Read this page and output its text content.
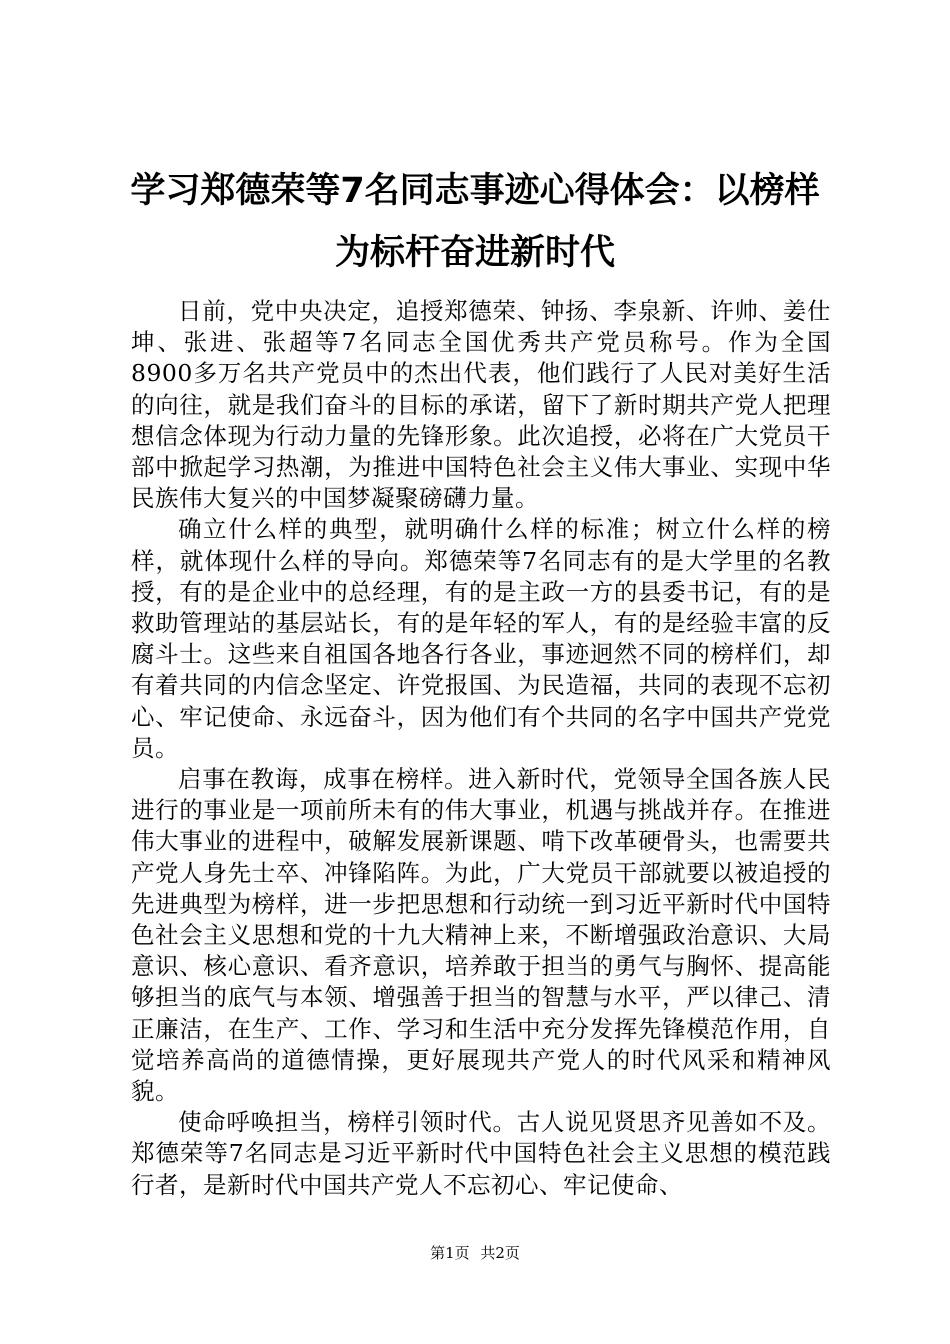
学习郑德荣等7名同志事迹心得体会：以榜样为标杆奋进新时代

日前，党中央决定，追授郑德荣、钟扬、李泉新、许帅、姜仕坤、张进、张超等7名同志全国优秀共产党员称号。作为全国8900多万名共产党员中的杰出代表，他们践行了人民对美好生活的向往，就是我们奋斗的目标的承诺，留下了新时期共产党人把理想信念体现为行动力量的先锋形象。此次追授，必将在广大党员干部中掀起学习热潮，为推进中国特色社会主义伟大事业、实现中华民族伟大复兴的中国梦凝聚磅礴力量。

确立什么样的典型，就明确什么样的标准；树立什么样的榜样，就体现什么样的导向。郑德荣等7名同志有的是大学里的名教授，有的是企业中的总经理，有的是主政一方的县委书记，有的是救助管理站的基层站长，有的是年轻的军人，有的是经验丰富的反腐斗士。这些来自祖国各地各行各业，事迹迥然不同的榜样们，却有着共同的内信念坚定、许党报国、为民造福，共同的表现不忘初心、牢记使命、永远奋斗，因为他们有个共同的名字中国共产党党员。

启事在教诲，成事在榜样。进入新时代，党领导全国各族人民进行的事业是一项前所未有的伟大事业，机遇与挑战并存。在推进伟大事业的进程中，破解发展新课题、啃下改革硬骨头，也需要共产党人身先士卒、冲锋陷阵。为此，广大党员干部就要以被追授的先进典型为榜样，进一步把思想和行动统一到习近平新时代中国特色社会主义思想和党的十九大精神上来，不断增强政治意识、大局意识、核心意识、看齐意识，培养敢于担当的勇气与胸怀、提高能够担当的底气与本领、增强善于担当的智慧与水平，严以律己、清正廉洁，在生产、工作、学习和生活中充分发挥先锋模范作用，自觉培养高尚的道德情操，更好展现共产党人的时代风采和精神风貌。

使命呼唤担当，榜样引领时代。古人说见贤思齐见善如不及。郑德荣等7名同志是习近平新时代中国特色社会主义思想的模范践行者，是新时代中国共产党人不忘初心、牢记使命、

第1页 共2页
